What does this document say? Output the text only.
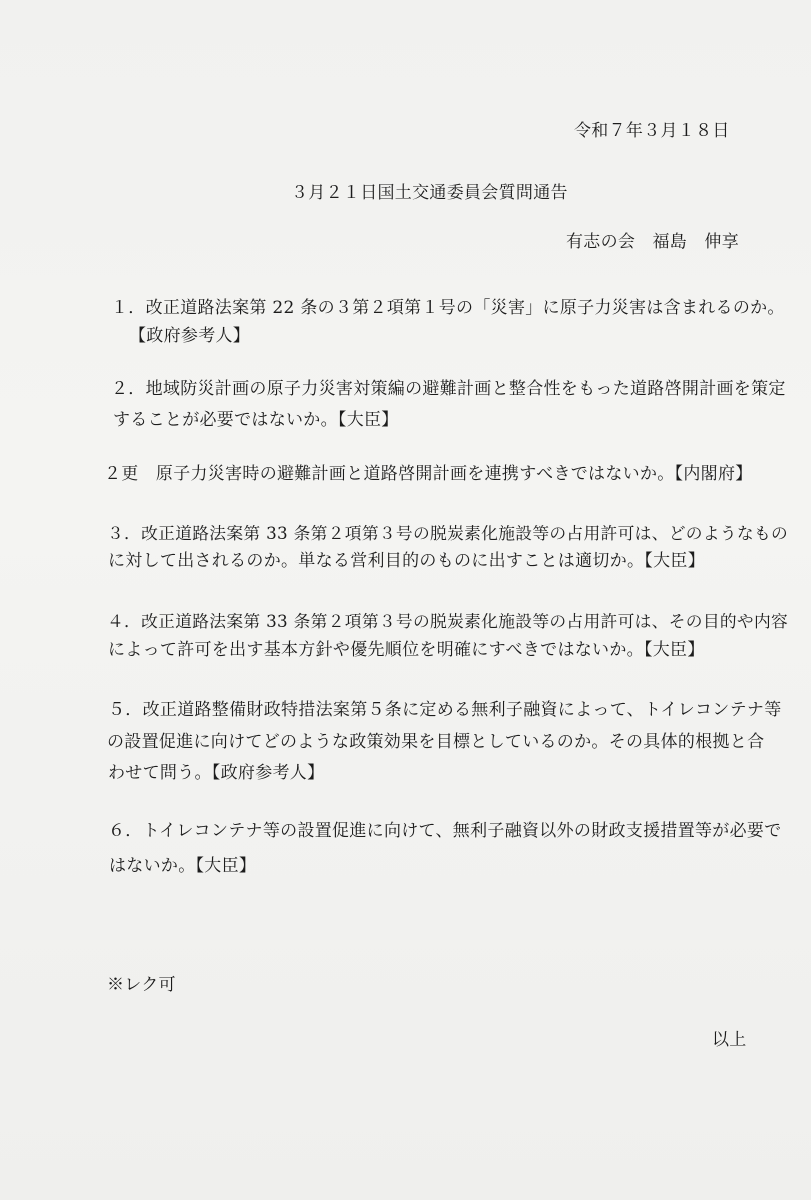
令和７年３月１８日

３月２１日国土交通委員会質問通告

有志の会　福島　伸享

１．改正道路法案第 22 条の３第２項第１号の「災害」に原子力災害は含まれるのか。

【政府参考人】

２．地域防災計画の原子力災害対策編の避難計画と整合性をもった道路啓開計画を策定

することが必要ではないか。【大臣】

２更　原子力災害時の避難計画と道路啓開計画を連携すべきではないか。【内閣府】

３．改正道路法案第 33 条第２項第３号の脱炭素化施設等の占用許可は、どのようなもの

に対して出されるのか。単なる営利目的のものに出すことは適切か。【大臣】

４．改正道路法案第 33 条第２項第３号の脱炭素化施設等の占用許可は、その目的や内容

によって許可を出す基本方針や優先順位を明確にすべきではないか。【大臣】

５．改正道路整備財政特措法案第５条に定める無利子融資によって、トイレコンテナ等

の設置促進に向けてどのような政策効果を目標としているのか。その具体的根拠と合

わせて問う。【政府参考人】

６．トイレコンテナ等の設置促進に向けて、無利子融資以外の財政支援措置等が必要で

はないか。【大臣】

※レク可

以上
